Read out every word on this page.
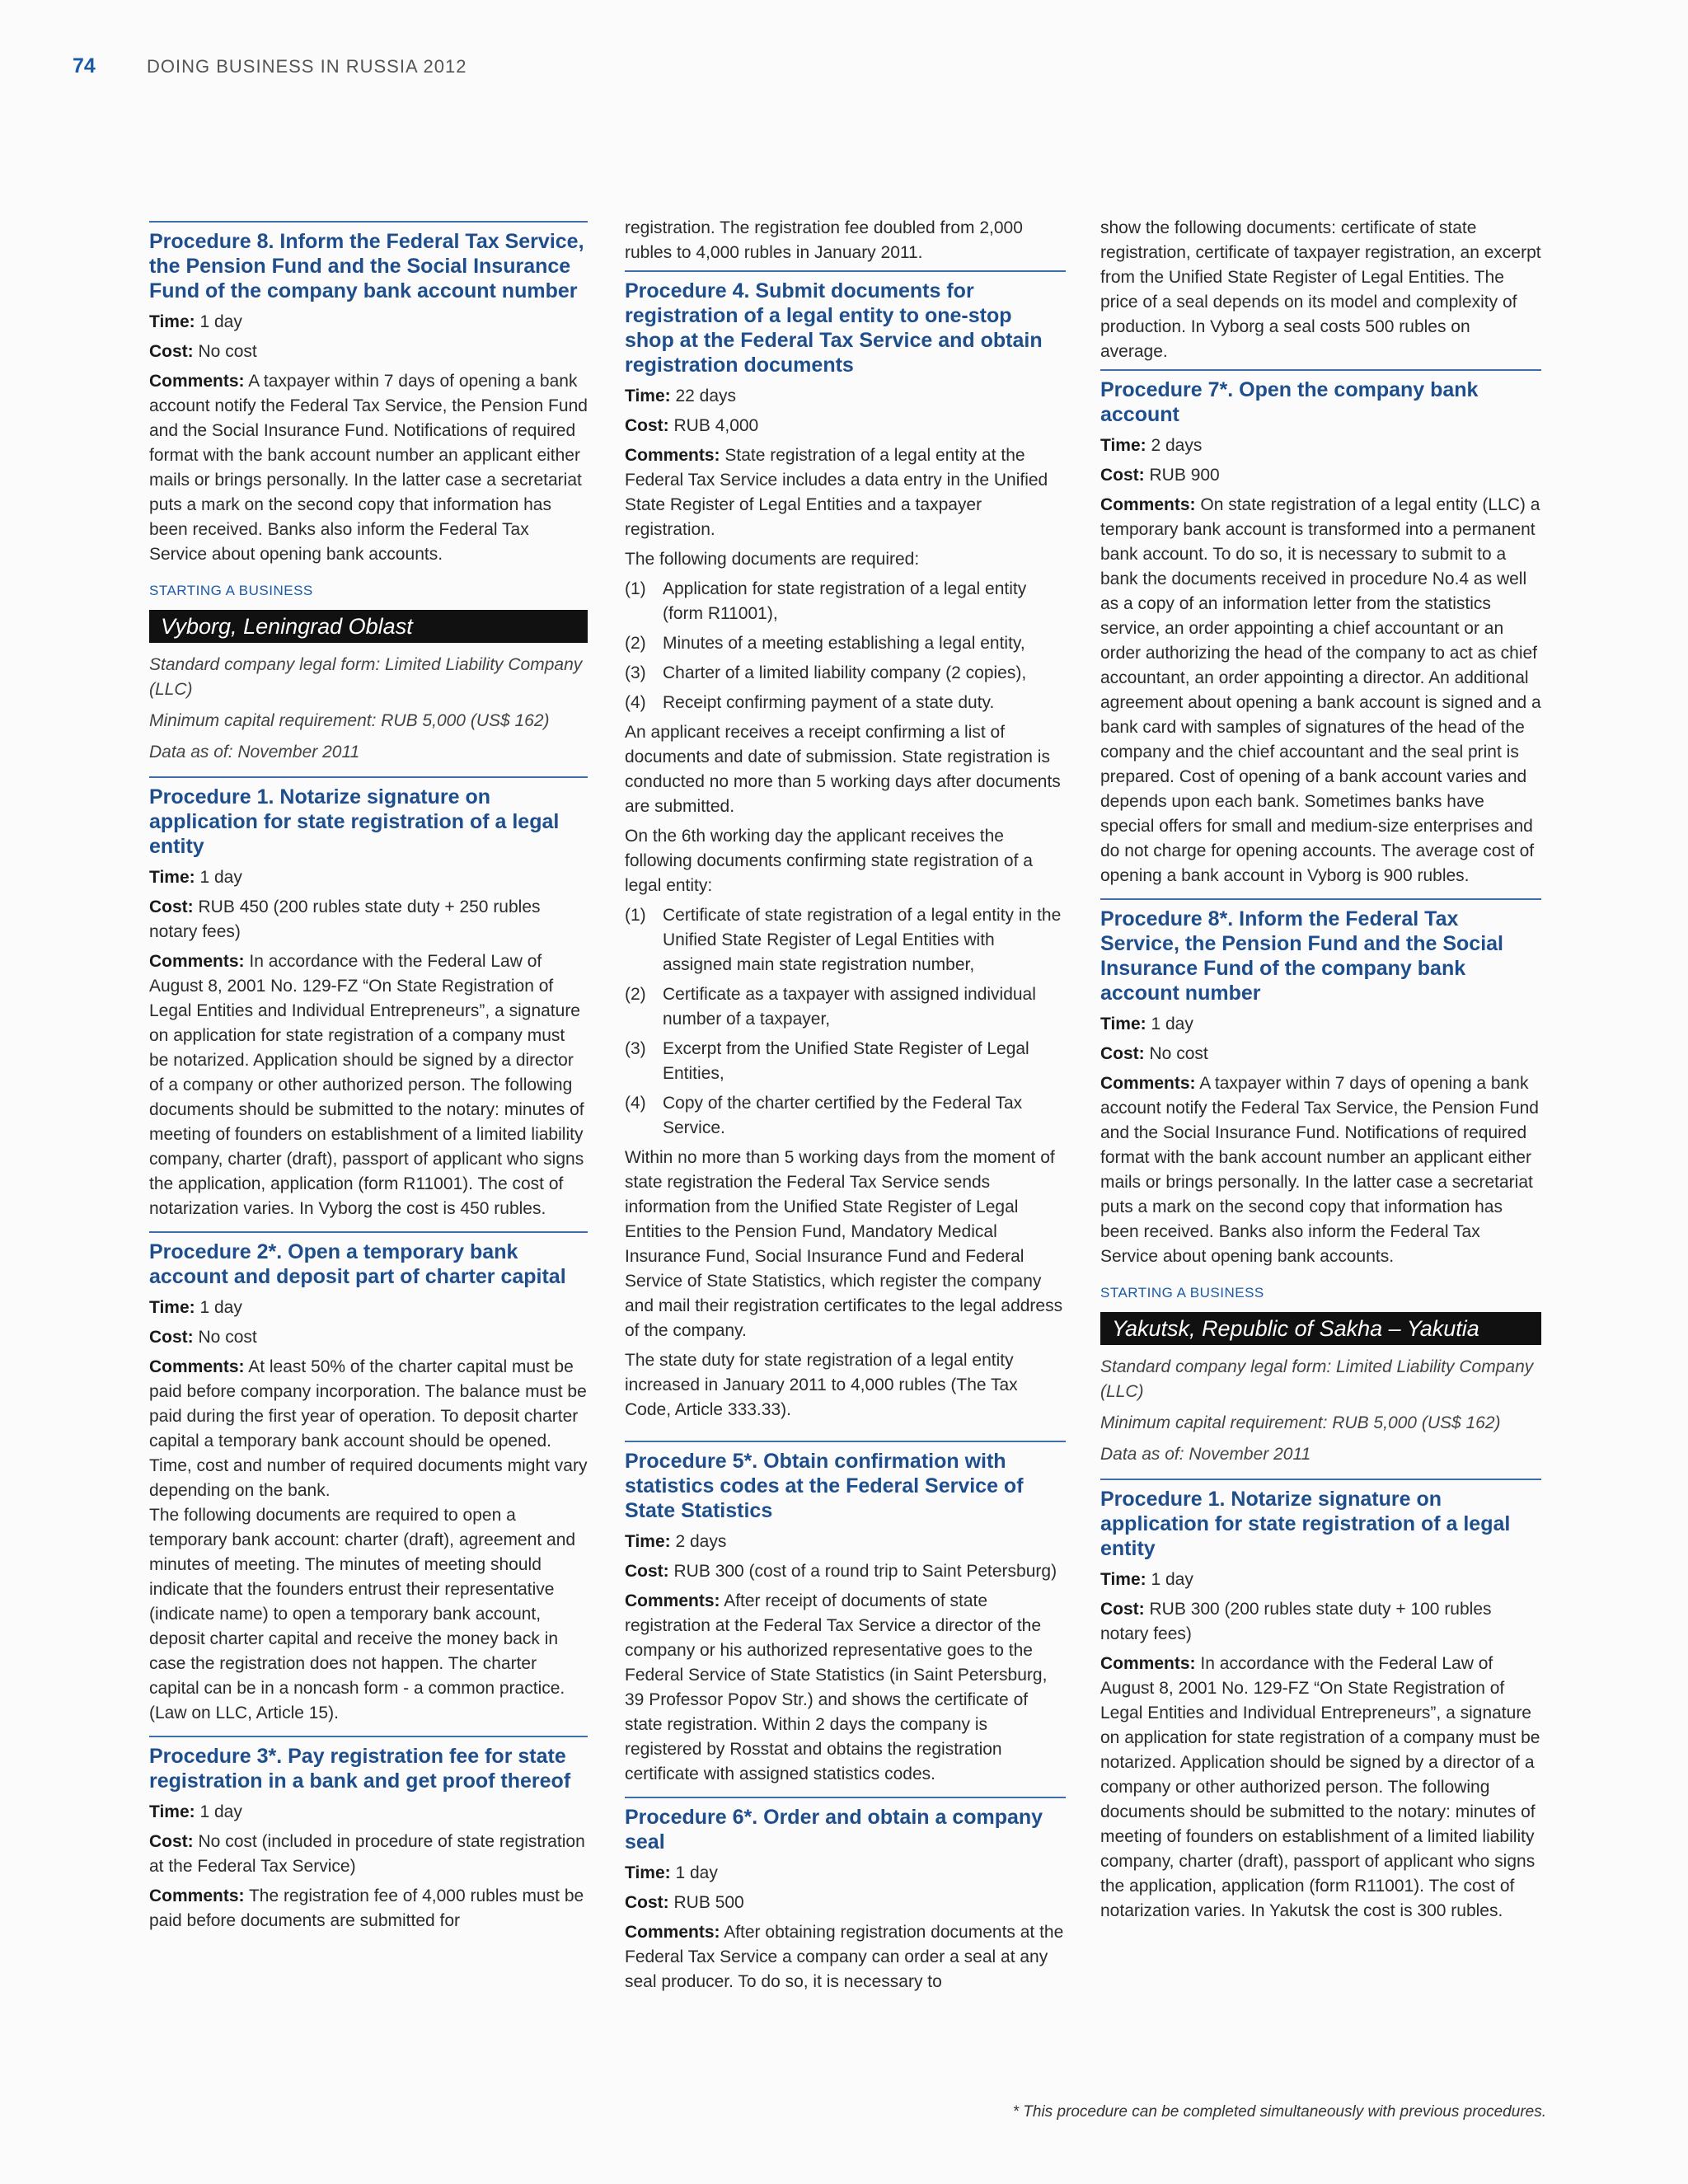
74	DOING BUSINESS IN RUSSIA 2012
Procedure 8. Inform the Federal Tax Service, the Pension Fund and the Social Insurance Fund of the company bank account number

Time: 1 day

Cost: No cost

Comments: A taxpayer within 7 days of opening a bank account notify the Federal Tax Service, the Pension Fund and the Social Insurance Fund. Notifications of required format with the bank account number an applicant either mails or brings personally. In the latter case a secretariat puts a mark on the second copy that information has been received. Banks also inform the Federal Tax Service about opening bank accounts.

STARTING A BUSINESS
Vyborg, Leningrad Oblast

Standard company legal form: Limited Liability Company (LLC)

Minimum capital requirement: RUB 5,000 (US$ 162)

Data as of: November 2011

Procedure 1. Notarize signature on application for state registration of a legal entity

Time: 1 day

Cost: RUB 450 (200 rubles state duty + 250 rubles notary fees)

Comments: In accordance with the Federal Law of August 8, 2001 No. 129-FZ “On State Registration of Legal Entities and Individual Entrepreneurs”, a signature on application for state registration of a company must be notarized. Application should be signed by a director of a company or other authorized person. The following documents should be submitted to the notary: minutes of meeting of founders on establishment of a limited liability company, charter (draft), passport of applicant who signs the application, application (form R11001). The cost of notarization varies. In Vyborg the cost is 450 rubles.

Procedure 2*. Open a temporary bank account and deposit part of charter capital

Time: 1 day

Cost: No cost

Comments: At least 50% of the charter capital must be paid before company incorporation. The balance must be paid during the first year of operation. To deposit charter capital a temporary bank account should be opened. Time, cost and number of required documents might vary depending on the bank.

The following documents are required to open a temporary bank account: charter (draft), agreement and minutes of meeting. The minutes of meeting should indicate that the founders entrust their representative (indicate name) to open a temporary bank account, deposit charter capital and receive the money back in case the registration does not happen. The charter capital can be in a noncash form - a common practice. (Law on LLC, Article 15).

Procedure 3*. Pay registration fee for state registration in a bank and get proof thereof

Time: 1 day

Cost: No cost (included in procedure of state registration at the Federal Tax Service)

Comments: The registration fee of 4,000 rubles must be paid before documents are submitted for

registration. The registration fee doubled from 2,000 rubles to 4,000 rubles in January 2011.

Procedure 4. Submit documents for registration of a legal entity to one-stop shop at the Federal Tax Service and obtain registration documents

Time: 22 days

Cost: RUB 4,000

Comments: State registration of a legal entity at the Federal Tax Service includes a data entry in the Unified State Register of Legal Entities and a taxpayer registration.

The following documents are required:

(1) Application for state registration of a legal entity (form R11001),
(2) Minutes of a meeting establishing a legal entity,
(3) Charter of a limited liability company (2 copies),
(4) Receipt confirming payment of a state duty.

An applicant receives a receipt confirming a list of documents and date of submission. State registration is conducted no more than 5 working days after documents are submitted.

On the 6th working day the applicant receives the following documents confirming state registration of a legal entity:

(1) Certificate of state registration of a legal entity in the Unified State Register of Legal Entities with assigned main state registration number,
(2) Certificate as a taxpayer with assigned individual number of a taxpayer,
(3) Excerpt from the Unified State Register of Legal Entities,
(4) Copy of the charter certified by the Federal Tax Service.

Within no more than 5 working days from the moment of state registration the Federal Tax Service sends information from the Unified State Register of Legal Entities to the Pension Fund, Mandatory Medical Insurance Fund, Social Insurance Fund and Federal Service of State Statistics, which register the company and mail their registration certificates to the legal address of the company.

The state duty for state registration of a legal entity increased in January 2011 to 4,000 rubles (The Tax Code, Article 333.33).

Procedure 5*. Obtain confirmation with statistics codes at the Federal Service of State Statistics

Time: 2 days

Cost: RUB 300 (cost of a round trip to Saint Petersburg)

Comments: After receipt of documents of state registration at the Federal Tax Service a director of the company or his authorized representative goes to the Federal Service of State Statistics (in Saint Petersburg, 39 Professor Popov Str.) and shows the certificate of state registration. Within 2 days the company is registered by Rosstat and obtains the registration certificate with assigned statistics codes.

Procedure 6*. Order and obtain a company seal

Time: 1 day

Cost: RUB 500

Comments: After obtaining registration documents at the Federal Tax Service a company can order a seal at any seal producer. To do so, it is necessary to

show the following documents: certificate of state registration, certificate of taxpayer registration, an excerpt from the Unified State Register of Legal Entities. The price of a seal depends on its model and complexity of production. In Vyborg a seal costs 500 rubles on average.

Procedure 7*. Open the company bank account

Time: 2 days

Cost: RUB 900

Comments: On state registration of a legal entity (LLC) a temporary bank account is transformed into a permanent bank account. To do so, it is necessary to submit to a bank the documents received in procedure No.4 as well as a copy of an information letter from the statistics service, an order appointing a chief accountant or an order authorizing the head of the company to act as chief accountant, an order appointing a director. An additional agreement about opening a bank account is signed and a bank card with samples of signatures of the head of the company and the chief accountant and the seal print is prepared. Cost of opening of a bank account varies and depends upon each bank. Sometimes banks have special offers for small and medium-size enterprises and do not charge for opening accounts. The average cost of opening a bank account in Vyborg is 900 rubles.

Procedure 8*. Inform the Federal Tax Service, the Pension Fund and the Social Insurance Fund of the company bank account number

Time: 1 day

Cost: No cost

Comments: A taxpayer within 7 days of opening a bank account notify the Federal Tax Service, the Pension Fund and the Social Insurance Fund. Notifications of required format with the bank account number an applicant either mails or brings personally. In the latter case a secretariat puts a mark on the second copy that information has been received. Banks also inform the Federal Tax Service about opening bank accounts.

STARTING A BUSINESS
Yakutsk, Republic of Sakha – Yakutia

Standard company legal form: Limited Liability Company (LLC)

Minimum capital requirement: RUB 5,000 (US$ 162)

Data as of: November 2011

Procedure 1. Notarize signature on application for state registration of a legal entity

Time: 1 day

Cost: RUB 300 (200 rubles state duty + 100 rubles notary fees)

Comments: In accordance with the Federal Law of August 8, 2001 No. 129-FZ “On State Registration of Legal Entities and Individual Entrepreneurs”, a signature on application for state registration of a company must be notarized. Application should be signed by a director of a company or other authorized person. The following documents should be submitted to the notary: minutes of meeting of founders on establishment of a limited liability company, charter (draft), passport of applicant who signs the application, application (form R11001). The cost of notarization varies. In Yakutsk the cost is 300 rubles.

* This procedure can be completed simultaneously with previous procedures.
